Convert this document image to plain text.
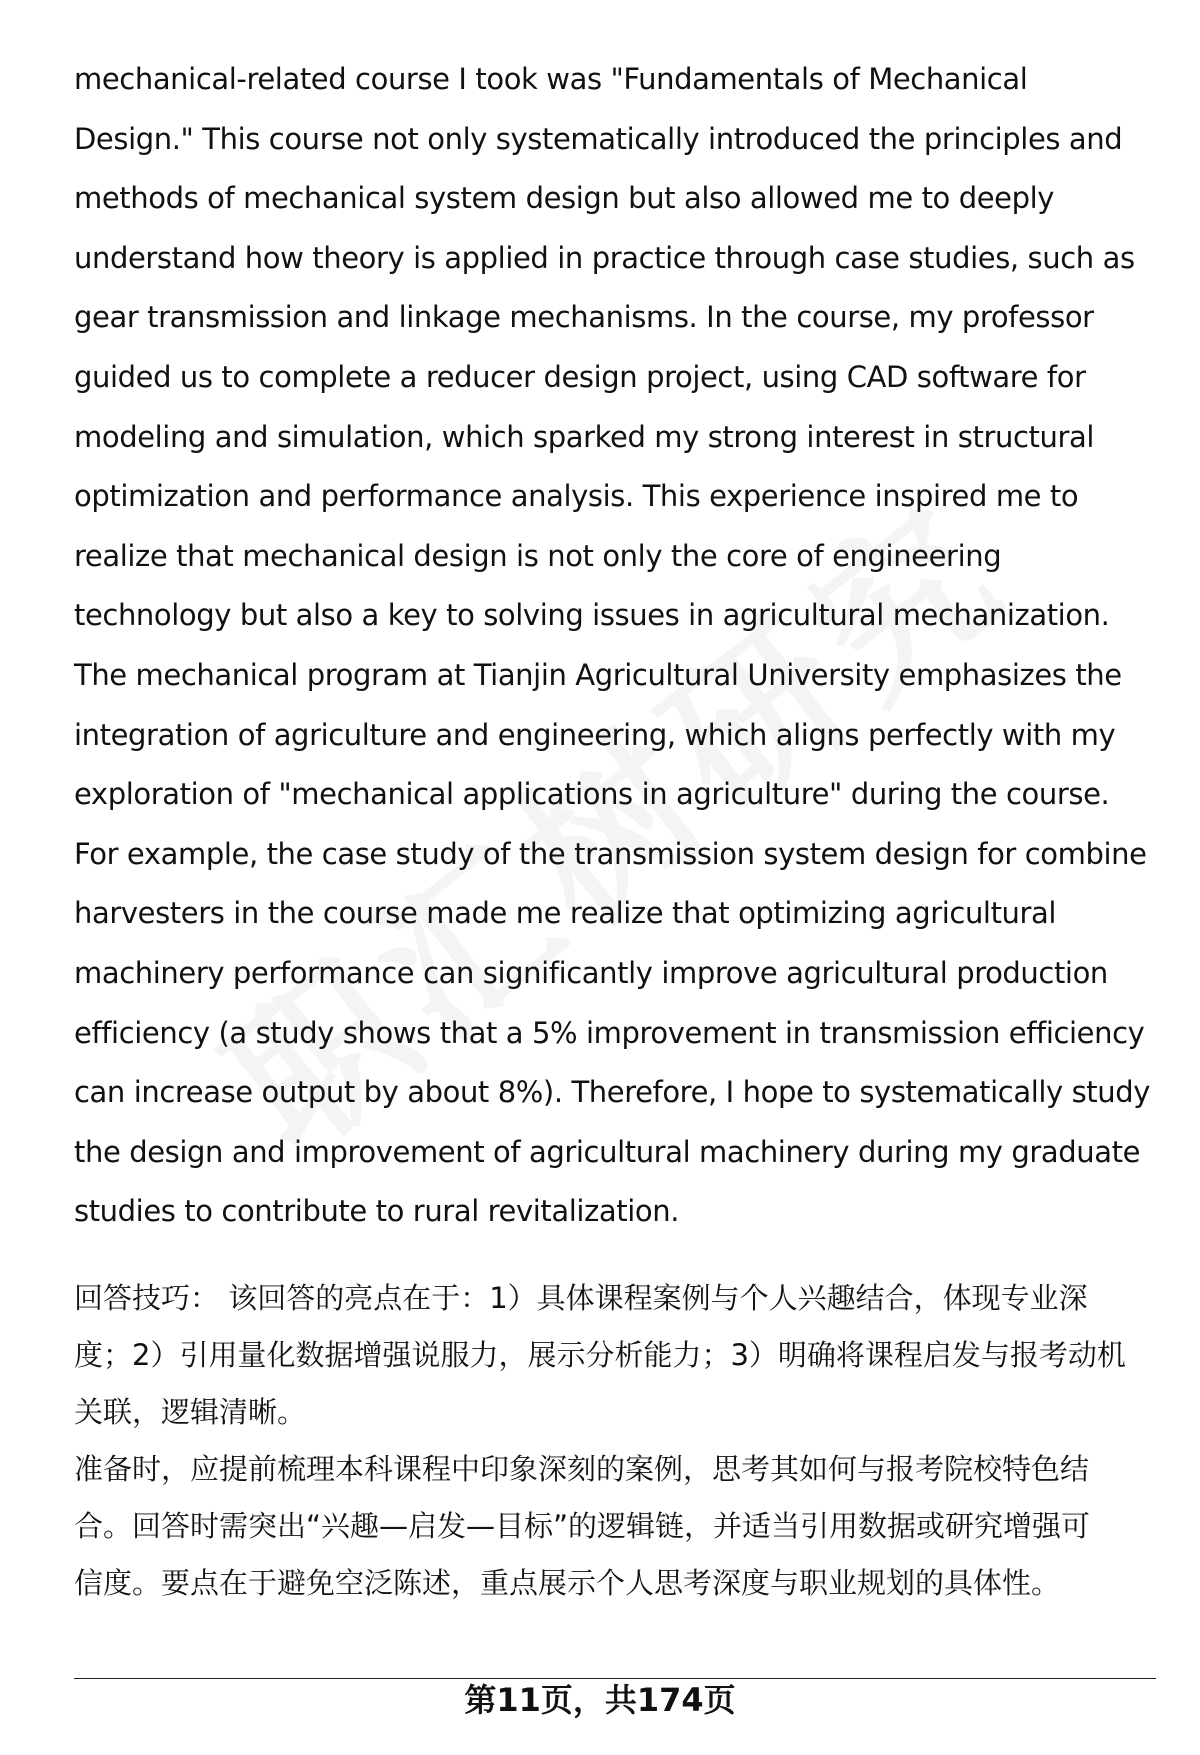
mechanical-related course I took was "Fundamentals of Mechanical
Design." This course not only systematically introduced the principles and
methods of mechanical system design but also allowed me to deeply
understand how theory is applied in practice through case studies, such as
gear transmission and linkage mechanisms. In the course, my professor
guided us to complete a reducer design project, using CAD software for
modeling and simulation, which sparked my strong interest in structural
optimization and performance analysis. This experience inspired me to
realize that mechanical design is not only the core of engineering
technology but also a key to solving issues in agricultural mechanization.
The mechanical program at Tianjin Agricultural University emphasizes the
integration of agriculture and engineering, which aligns perfectly with my
exploration of "mechanical applications in agriculture" during the course.
For example, the case study of the transmission system design for combine
harvesters in the course made me realize that optimizing agricultural
machinery performance can significantly improve agricultural production
efficiency (a study shows that a 5% improvement in transmission efficiency
can increase output by about 8%). Therefore, I hope to systematically study
the design and improvement of agricultural machinery during my graduate
studies to contribute to rural revitalization.
回答技巧： 该回答的亮点在于：1）具体课程案例与个人兴趣结合，体现专业深
度；2）引用量化数据增强说服力，展示分析能力；3）明确将课程启发与报考动机
关联，逻辑清晰。
准备时，应提前梳理本科课程中印象深刻的案例，思考其如何与报考院校特色结
合。回答时需突出“兴趣—启发—目标”的逻辑链，并适当引用数据或研究增强可
信度。要点在于避免空泛陈述，重点展示个人思考深度与职业规划的具体性。
第11页，共174页
